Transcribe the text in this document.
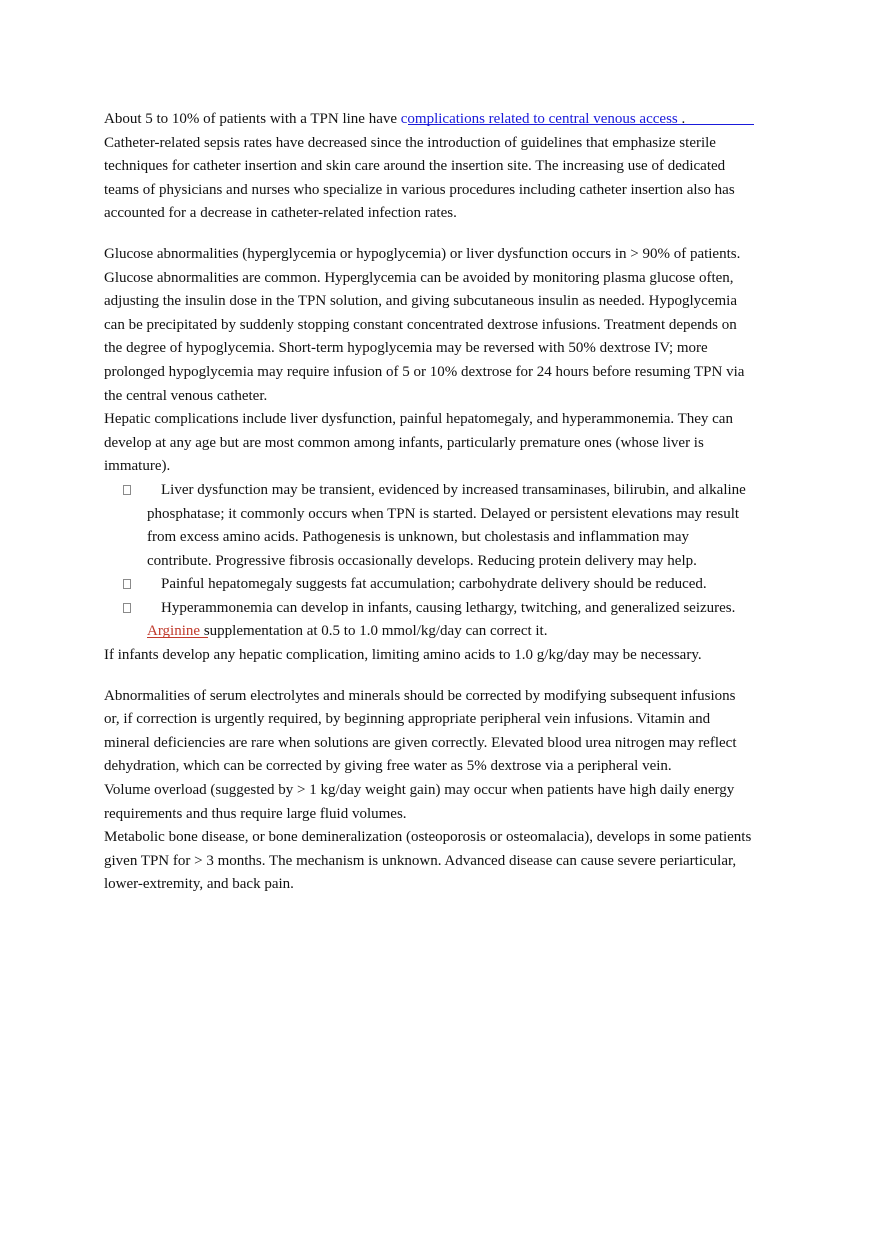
About 5 to 10% of patients with a TPN line have complications related to central venous access .
Catheter-related sepsis rates have decreased since the introduction of guidelines that emphasize sterile techniques for catheter insertion and skin care around the insertion site. The increasing use of dedicated teams of physicians and nurses who specialize in various procedures including catheter insertion also has accounted for a decrease in catheter-related infection rates.

Glucose abnormalities (hyperglycemia or hypoglycemia) or liver dysfunction occurs in > 90% of patients.

Glucose abnormalities are common. Hyperglycemia can be avoided by monitoring plasma glucose often, adjusting the insulin dose in the TPN solution, and giving subcutaneous insulin as needed. Hypoglycemia can be precipitated by suddenly stopping constant concentrated dextrose infusions. Treatment depends on the degree of hypoglycemia. Short-term hypoglycemia may be reversed with 50% dextrose IV; more prolonged hypoglycemia may require infusion of 5 or 10% dextrose for 24 hours before resuming TPN via the central venous catheter.

Hepatic complications include liver dysfunction, painful hepatomegaly, and hyperammonemia. They can develop at any age but are most common among infants, particularly premature ones (whose liver is immature).

Liver dysfunction may be transient, evidenced by increased transaminases, bilirubin, and alkaline phosphatase; it commonly occurs when TPN is started. Delayed or persistent elevations may result from excess amino acids. Pathogenesis is unknown, but cholestasis and inflammation may contribute. Progressive fibrosis occasionally develops. Reducing protein delivery may help.
Painful hepatomegaly suggests fat accumulation; carbohydrate delivery should be reduced.
Hyperammonemia can develop in infants, causing lethargy, twitching, and generalized seizures. Arginine
supplementation at 0.5 to 1.0 mmol/kg/day can correct it.

If infants develop any hepatic complication, limiting amino acids to 1.0 g/kg/day may be necessary.

Abnormalities of serum electrolytes and minerals should be corrected by modifying subsequent infusions or, if correction is urgently required, by beginning appropriate peripheral vein infusions. Vitamin and mineral deficiencies are rare when solutions are given correctly. Elevated blood urea nitrogen may reflect dehydration, which can be corrected by giving free water as 5% dextrose via a peripheral vein.

Volume overload (suggested by > 1 kg/day weight gain) may occur when patients have high daily energy requirements and thus require large fluid volumes.

Metabolic bone disease, or bone demineralization (osteoporosis or osteomalacia), develops in some patients given TPN for > 3 months. The mechanism is unknown. Advanced disease can cause severe periarticular, lower-extremity, and back pain.
